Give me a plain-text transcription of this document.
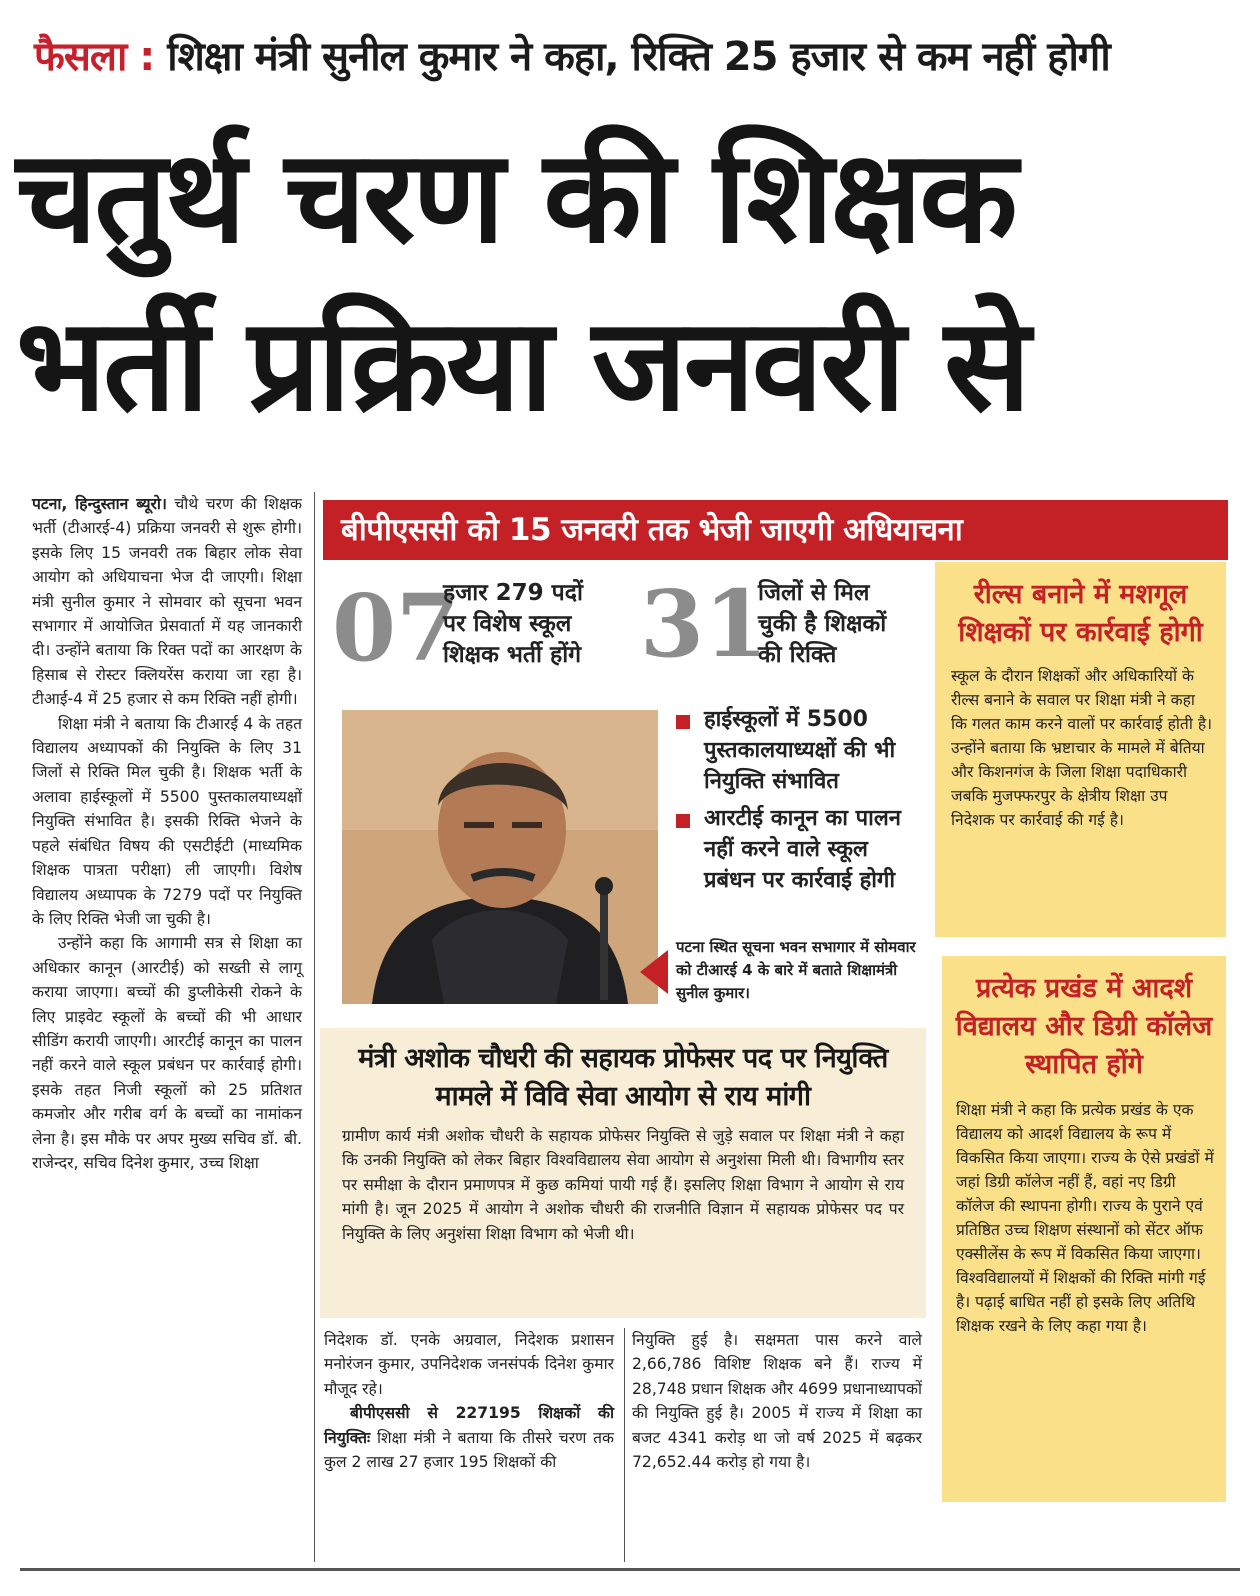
फैसला : शिक्षा मंत्री सुनील कुमार ने कहा, रिक्ति 25 हजार से कम नहीं होगी
चतुर्थ चरण की शिक्षक
भर्ती प्रक्रिया जनवरी से

पटना, हिन्दुस्तान ब्यूरो। चौथे चरण की शिक्षक भर्ती (टीआरई-4) प्रक्रिया जनवरी से शुरू होगी। इसके लिए 15 जनवरी तक बिहार लोक सेवा आयोग को अधियाचना भेज दी जाएगी। शिक्षा मंत्री सुनील कुमार ने सोमवार को सूचना भवन सभागार में आयोजित प्रेसवार्ता में यह जानकारी दी। उन्होंने बताया कि रिक्त पदों का आरक्षण के हिसाब से रोस्टर क्लियरेंस कराया जा रहा है। टीआई-4 में 25 हजार से कम रिक्ति नहीं होगी।

शिक्षा मंत्री ने बताया कि टीआरई 4 के तहत विद्यालय अध्यापकों की नियुक्ति के लिए 31 जिलों से रिक्ति मिल चुकी है। शिक्षक भर्ती के अलावा हाईस्कूलों में 5500 पुस्तकालयाध्यक्षों नियुक्ति संभावित है। इसकी रिक्ति भेजने के पहले संबंधित विषय की एसटीईटी (माध्यमिक शिक्षक पात्रता परीक्षा) ली जाएगी। विशेष विद्यालय अध्यापक के 7279 पदों पर नियुक्ति के लिए रिक्ति भेजी जा चुकी है।

उन्होंने कहा कि आगामी सत्र से शिक्षा का अधिकार कानून (आरटीई) को सख्ती से लागू कराया जाएगा। बच्चों की डुप्लीकेसी रोकने के लिए प्राइवेट स्कूलों के बच्चों की भी आधार सीडिंग करायी जाएगी। आरटीई कानून का पालन नहीं करने वाले स्कूल प्रबंधन पर कार्रवाई होगी। इसके तहत निजी स्कूलों को 25 प्रतिशत कमजोर और गरीब वर्ग के बच्चों का नामांकन लेना है। इस मौके पर अपर मुख्य सचिव डॉ. बी. राजेन्दर, सचिव दिनेश कुमार, उच्च शिक्षा

बीपीएससी को 15 जनवरी तक भेजी जाएगी अधियाचना
07
हजार 279 पदों
पर विशेष स्कूल
शिक्षक भर्ती होंगे 31
जिलों से मिल
चुकी है शिक्षकों
की रिक्ति
हाईस्कूलों में 5500 पुस्तकालयाध्यक्षों की भी नियुक्ति संभावित
आरटीई कानून का पालन नहीं करने वाले स्कूल प्रबंधन पर कार्रवाई होगी
पटना स्थित सूचना भवन सभागार में सोमवार को टीआरई 4 के बारे में बताते शिक्षामंत्री सुनील कुमार।
रील्स बनाने में मशगूल शिक्षकों पर कार्रवाई होगी
स्कूल के दौरान शिक्षकों और अधिकारियों के रील्स बनाने के सवाल पर शिक्षा मंत्री ने कहा कि गलत काम करने वालों पर कार्रवाई होती है। उन्होंने बताया कि भ्रष्टाचार के मामले में बेतिया और किशनगंज के जिला शिक्षा पदाधिकारी जबकि मुजफ्फरपुर के क्षेत्रीय शिक्षा उप निदेशक पर कार्रवाई की गई है।
प्रत्येक प्रखंड में आदर्श विद्यालय और डिग्री कॉलेज स्थापित होंगे
शिक्षा मंत्री ने कहा कि प्रत्येक प्रखंड के एक विद्यालय को आदर्श विद्यालय के रूप में विकसित किया जाएगा। राज्य के ऐसे प्रखंडों में जहां डिग्री कॉलेज नहीं हैं, वहां नए डिग्री कॉलेज की स्थापना होगी। राज्य के पुराने एवं प्रतिष्ठित उच्च शिक्षण संस्थानों को सेंटर ऑफ एक्सीलेंस के रूप में विकसित किया जाएगा। विश्वविद्यालयों में शिक्षकों की रिक्ति मांगी गई है। पढ़ाई बाधित नहीं हो इसके लिए अतिथि शिक्षक रखने के लिए कहा गया है।
मंत्री अशोक चौधरी की सहायक प्रोफेसर पद पर नियुक्ति मामले में विवि सेवा आयोग से राय मांगी
ग्रामीण कार्य मंत्री अशोक चौधरी के सहायक प्रोफेसर नियुक्ति से जुड़े सवाल पर शिक्षा मंत्री ने कहा कि उनकी नियुक्ति को लेकर बिहार विश्वविद्यालय सेवा आयोग से अनुशंसा मिली थी। विभागीय स्तर पर समीक्षा के दौरान प्रमाणपत्र में कुछ कमियां पायी गई हैं। इसलिए शिक्षा विभाग ने आयोग से राय मांगी है। जून 2025 में आयोग ने अशोक चौधरी की राजनीति विज्ञान में सहायक प्रोफेसर पद पर नियुक्ति के लिए अनुशंसा शिक्षा विभाग को भेजी थी।

निदेशक डॉ. एनके अग्रवाल, निदेशक प्रशासन मनोरंजन कुमार, उपनिदेशक जनसंपर्क दिनेश कुमार मौजूद रहे।

बीपीएससी से 227195 शिक्षकों की नियुक्तिः शिक्षा मंत्री ने बताया कि तीसरे चरण तक कुल 2 लाख 27 हजार 195 शिक्षकों की

नियुक्ति हुई है। सक्षमता पास करने वाले 2,66,786 विशिष्ट शिक्षक बने हैं। राज्य में 28,748 प्रधान शिक्षक और 4699 प्रधानाध्यापकों की नियुक्ति हुई है। 2005 में राज्य में शिक्षा का बजट 4341 करोड़ था जो वर्ष 2025 में बढ़कर 72,652.44 करोड़ हो गया है।
